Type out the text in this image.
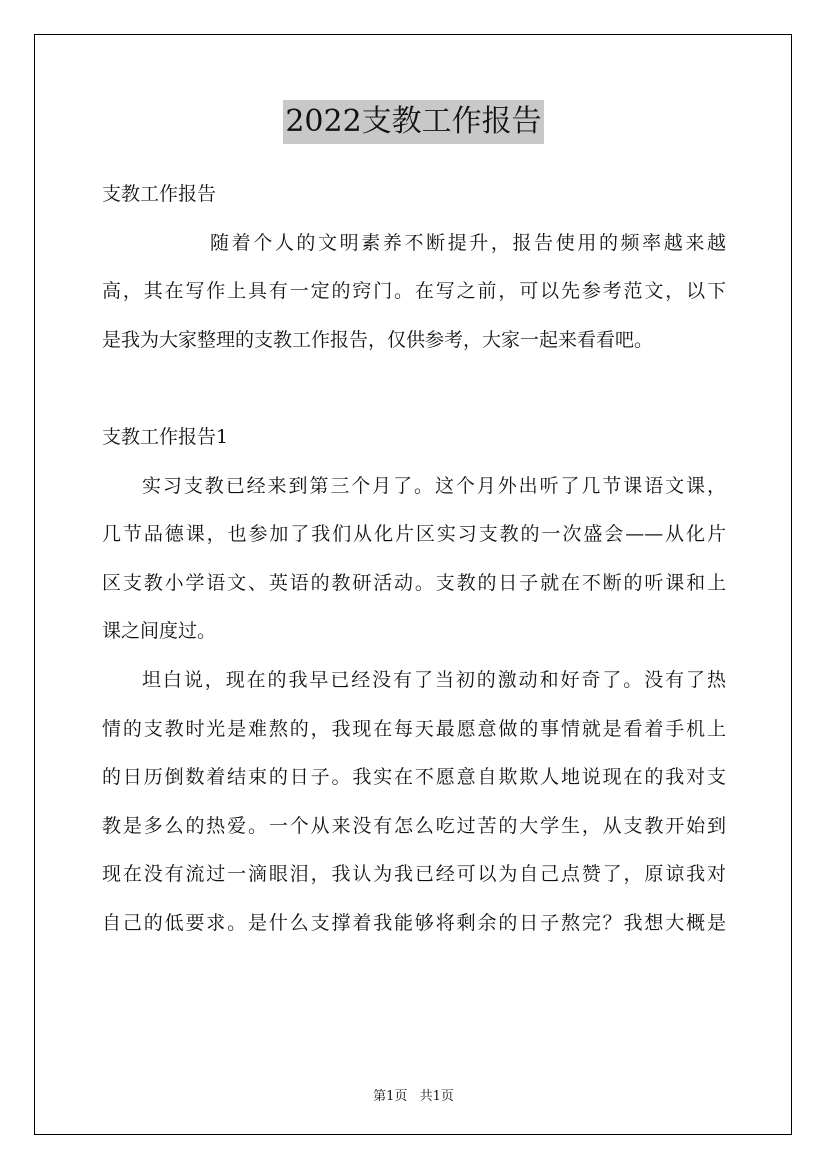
2022支教工作报告
支教工作报告
随着个人的文明素养不断提升，报告使用的频率越来越
高，其在写作上具有一定的窍门。在写之前，可以先参考范文，以下
是我为大家整理的支教工作报告，仅供参考，大家一起来看看吧。
支教工作报告1
实习支教已经来到第三个月了。这个月外出听了几节课语文课，
几节品德课，也参加了我们从化片区实习支教的一次盛会——从化片
区支教小学语文、英语的教研活动。支教的日子就在不断的听课和上
课之间度过。
坦白说，现在的我早已经没有了当初的激动和好奇了。没有了热
情的支教时光是难熬的，我现在每天最愿意做的事情就是看着手机上
的日历倒数着结束的日子。我实在不愿意自欺欺人地说现在的我对支
教是多么的热爱。一个从来没有怎么吃过苦的大学生，从支教开始到
现在没有流过一滴眼泪，我认为我已经可以为自己点赞了，原谅我对
自己的低要求。是什么支撑着我能够将剩余的日子熬完？我想大概是
第1页 共1页
